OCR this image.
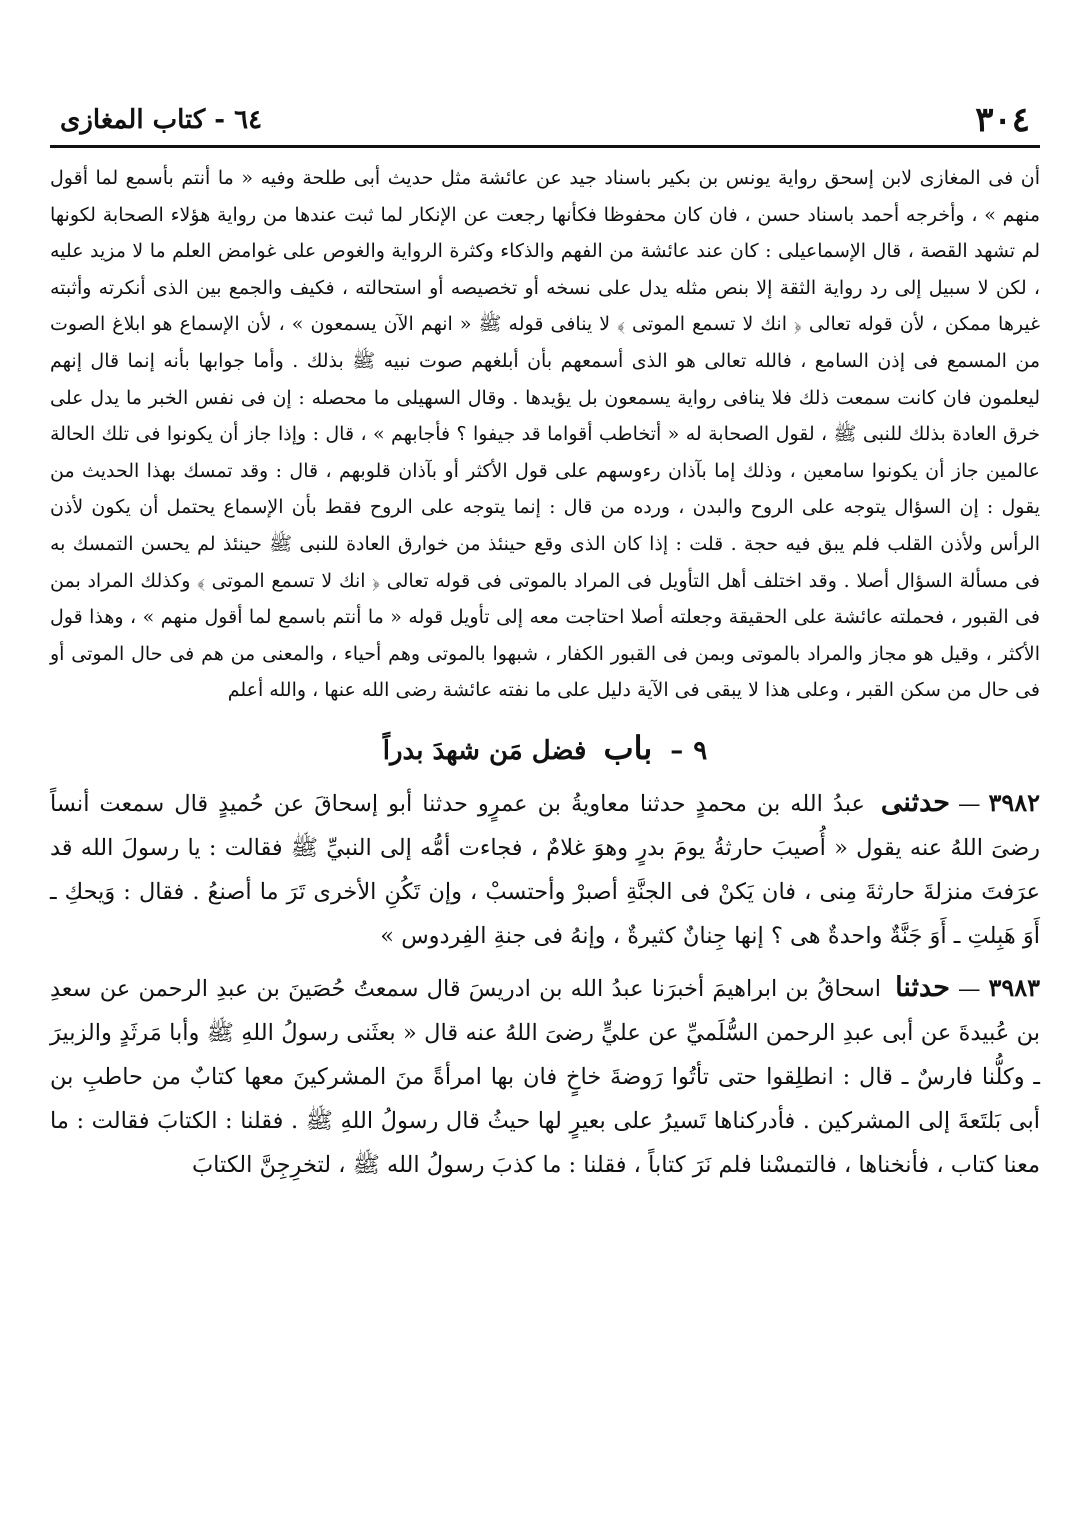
٣٠٤
٦٤ - كتاب المغازى

أن فى المغازى لابن إسحق رواية يونس بن بكير باسناد جيد عن عائشة مثل حديث أبى طلحة وفيه « ما أنتم بأسمع لما أقول منهم » ، وأخرجه أحمد باسناد حسن ، فان كان محفوظا فكأنها رجعت عن الإنكار لما ثبت عندها من رواية هؤلاء الصحابة لكونها لم تشهد القصة ، قال الإسماعيلى : كان عند عائشة من الفهم والذكاء وكثرة الرواية والغوص على غوامض العلم ما لا مزيد عليه ، لكن لا سبيل إلى رد رواية الثقة إلا بنص مثله يدل على نسخه أو تخصيصه أو استحالته ، فكيف والجمع بين الذى أنكرته وأثبته غيرها ممكن ، لأن قوله تعالى ﴿ انك لا تسمع الموتى ﴾ لا ينافى قوله ﷺ « انهم الآن يسمعون » ، لأن الإسماع هو ابلاغ الصوت من المسمع فى إذن السامع ، فالله تعالى هو الذى أسمعهم بأن أبلغهم صوت نبيه ﷺ بذلك . وأما جوابها بأنه إنما قال إنهم ليعلمون فان كانت سمعت ذلك فلا ينافى رواية يسمعون بل يؤيدها . وقال السهيلى ما محصله : إن فى نفس الخبر ما يدل على خرق العادة بذلك للنبى ﷺ ، لقول الصحابة له « أتخاطب أقواما قد جيفوا ؟ فأجابهم » ، قال : وإذا جاز أن يكونوا فى تلك الحالة عالمين جاز أن يكونوا سامعين ، وذلك إما بآذان رءوسهم على قول الأكثر أو بآذان قلوبهم ، قال : وقد تمسك بهذا الحديث من يقول : إن السؤال يتوجه على الروح والبدن ، ورده من قال : إنما يتوجه على الروح فقط بأن الإسماع يحتمل أن يكون لأذن الرأس ولأذن القلب فلم يبق فيه حجة . قلت : إذا كان الذى وقع حينئذ من خوارق العادة للنبى ﷺ حينئذ لم يحسن التمسك به فى مسألة السؤال أصلا . وقد اختلف أهل التأويل فى المراد بالموتى فى قوله تعالى ﴿ انك لا تسمع الموتى ﴾ وكذلك المراد بمن فى القبور ، فحملته عائشة على الحقيقة وجعلته أصلا احتاجت معه إلى تأويل قوله « ما أنتم باسمع لما أقول منهم » ، وهذا قول الأكثر ، وقيل هو مجاز والمراد بالموتى وبمن فى القبور الكفار ، شبهوا بالموتى وهم أحياء ، والمعنى من هم فى حال الموتى أو فى حال من سكن القبر ، وعلى هذا لا يبقى فى الآية دليل على ما نفته عائشة رضى الله عنها ، والله أعلم

٩–باب فضل مَن شهدَ بدراً

٣٩٨٢—حدثنى عبدُ الله بن محمدٍ حدثنا معاويةُ بن عمرٍو حدثنا أبو إسحاقَ عن حُميدٍ قال سمعت أنساً رضىَ اللهُ عنه يقول « أُصيبَ حارثةُ يومَ بدرٍ وهوَ غلامٌ ، فجاءت أمُّه إلى النبيِّ ﷺ فقالت : يا رسولَ الله قد عرَفتَ منزلةَ حارثةَ مِنى ، فان يَكنْ فى الجنَّةِ أصبرْ وأحتسبْ ، وإن تَكُنِ الأخرى تَرَ ما أصنعُ . فقال : وَيحكِ ـ أَوَ هَبِلتِ ـ أَوَ جَنَّةٌ واحدةٌ هى ؟ إنها جِنانٌ كثيرةٌ ، وإنهُ فى جنةِ الفِردوس »

٣٩٨٣—حدثنا اسحاقُ بن ابراهيمَ أخبرَنا عبدُ الله بن ادريسَ قال سمعتُ حُصَينَ بن عبدِ الرحمن عن سعدِ بن عُبيدةَ عن أبى عبدِ الرحمن السُّلَميِّ عن عليٍّ رضىَ اللهُ عنه قال « بعثَنى رسولُ اللهِ ﷺ وأبا مَرثَدٍ والزبيرَ ـ وكلُّنا فارسٌ ـ قال : انطلِقوا حتى تأتُوا رَوضةَ خاخٍ فان بها امرأةً منَ المشركينَ معها كتابٌ من حاطبِ بن أبى بَلتَعةَ إلى المشركين . فأدركناها تَسيرُ على بعيرٍ لها حيثُ قال رسولُ اللهِ ﷺ . فقلنا : الكتابَ فقالت : ما معنا كتاب ، فأنخناها ، فالتمسْنا فلم نَرَ كتاباً ، فقلنا : ما كذبَ رسولُ الله ﷺ ، لتخرِجِنَّ الكتابَ
